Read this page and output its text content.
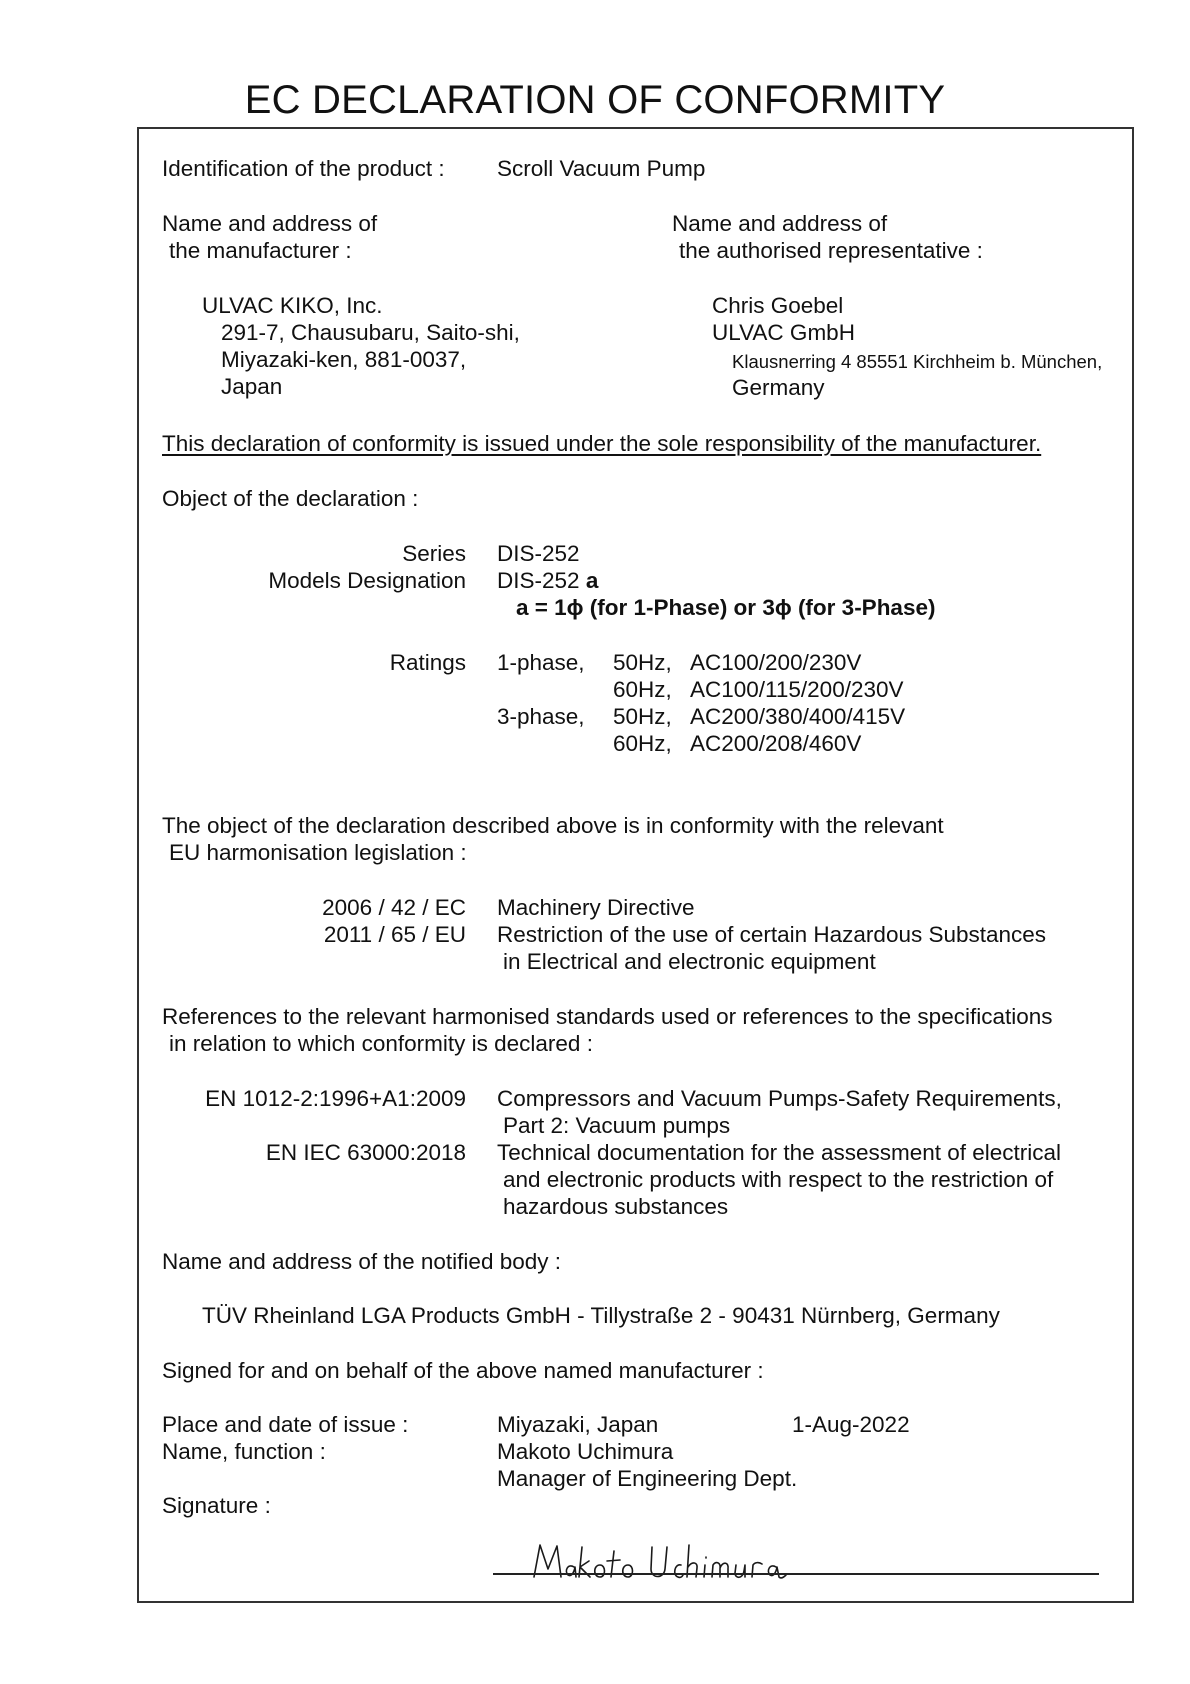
EC DECLARATION OF CONFORMITY
Identification of the product : Scroll Vacuum Pump
Name and address of
the manufacturer :
ULVAC KIKO, Inc.
291-7, Chausubaru, Saito-shi,
Miyazaki-ken, 881-0037,
Japan
Name and address of
the authorised representative :
Chris Goebel
ULVAC GmbH
Klausnerring 4 85551 Kirchheim b. München,
Germany
This declaration of conformity is issued under the sole responsibility of the manufacturer.
Object of the declaration :
Series DIS-252
Models Designation DIS-252 a
a = 1ϕ (for 1-Phase) or 3ϕ (for 3-Phase)
Ratings 1-phase, 50Hz, AC100/200/230V
60Hz, AC100/115/200/230V
3-phase, 50Hz, AC200/380/400/415V
60Hz, AC200/208/460V
The object of the declaration described above is in conformity with the relevant
EU harmonisation legislation :
2006 / 42 / EC Machinery Directive
2011 / 65 / EU Restriction of the use of certain Hazardous Substances
in Electrical and electronic equipment
References to the relevant harmonised standards used or references to the specifications
in relation to which conformity is declared :
EN 1012-2:1996+A1:2009 Compressors and Vacuum Pumps-Safety Requirements,
Part 2: Vacuum pumps
EN IEC 63000:2018 Technical documentation for the assessment of electrical
and electronic products with respect to the restriction of
hazardous substances
Name and address of the notified body :
TÜV Rheinland LGA Products GmbH - Tillystraße 2 - 90431 Nürnberg, Germany
Signed for and on behalf of the above named manufacturer :
Place and date of issue :	Miyazaki, Japan	1-Aug-2022
Name, function :	Makoto Uchimura
Manager of Engineering Dept.
Signature :
